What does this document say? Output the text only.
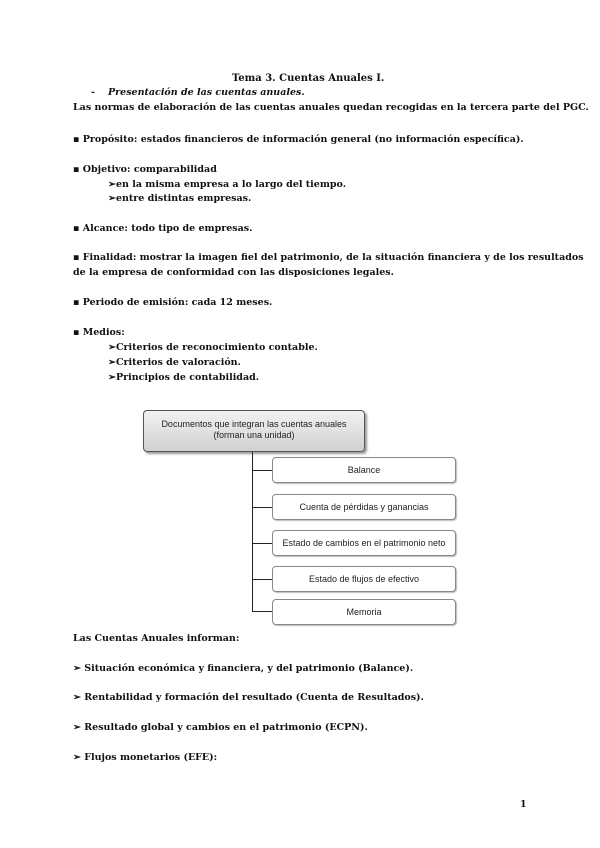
Tema 3. Cuentas Anuales I.
- Presentación de las cuentas anuales.
Las normas de elaboración de las cuentas anuales quedan recogidas en la tercera parte del PGC.
▪ Propósito: estados financieros de información general (no información específica).
▪ Objetivo: comparabilidad
➢en la misma empresa a lo largo del tiempo.
➢entre distintas empresas.
▪ Alcance: todo tipo de empresas.
▪ Finalidad: mostrar la imagen fiel del patrimonio, de la situación financiera y de los resultados
de la empresa de conformidad con las disposiciones legales.
▪ Periodo de emisión: cada 12 meses.
▪ Medios:
➢Criterios de reconocimiento contable.
➢Criterios de valoración.
➢Principios de contabilidad.
Documentos que integran las cuentas anuales
(forman una unidad)
Balance
Cuenta de pérdidas y ganancias
Estado de cambios en el patrimonio neto
Estado de flujos de efectivo
Memoria
Las Cuentas Anuales informan:
➢ Situación económica y financiera, y del patrimonio (Balance).
➢ Rentabilidad y formación del resultado (Cuenta de Resultados).
➢ Resultado global y cambios en el patrimonio (ECPN).
➢ Flujos monetarios (EFE):
1
